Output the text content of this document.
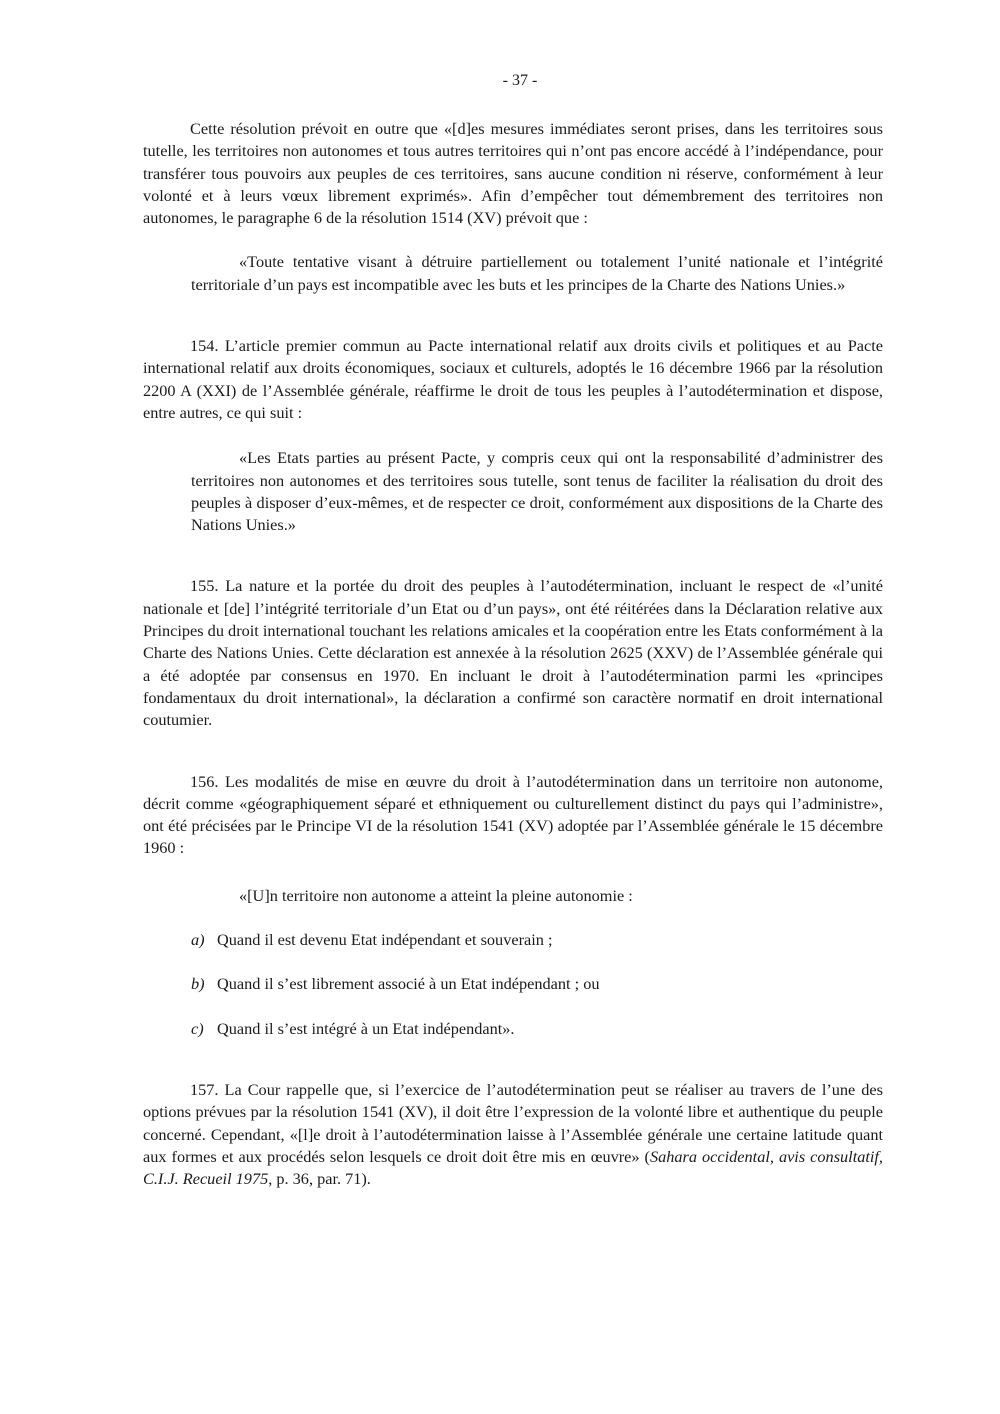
- 37 -

Cette résolution prévoit en outre que «[d]es mesures immédiates seront prises, dans les territoires sous tutelle, les territoires non autonomes et tous autres territoires qui n’ont pas encore accédé à l’indépendance, pour transférer tous pouvoirs aux peuples de ces territoires, sans aucune condition ni réserve, conformément à leur volonté et à leurs vœux librement exprimés». Afin d’empêcher tout démembrement des territoires non autonomes, le paragraphe 6 de la résolution 1514 (XV) prévoit que :

«Toute tentative visant à détruire partiellement ou totalement l’unité nationale et l’intégrité territoriale d’un pays est incompatible avec les buts et les principes de la Charte des Nations Unies.»

154. L’article premier commun au Pacte international relatif aux droits civils et politiques et au Pacte international relatif aux droits économiques, sociaux et culturels, adoptés le 16 décembre 1966 par la résolution 2200 A (XXI) de l’Assemblée générale, réaffirme le droit de tous les peuples à l’autodétermination et dispose, entre autres, ce qui suit :

«Les Etats parties au présent Pacte, y compris ceux qui ont la responsabilité d’administrer des territoires non autonomes et des territoires sous tutelle, sont tenus de faciliter la réalisation du droit des peuples à disposer d’eux-mêmes, et de respecter ce droit, conformément aux dispositions de la Charte des Nations Unies.»

155. La nature et la portée du droit des peuples à l’autodétermination, incluant le respect de «l’unité nationale et [de] l’intégrité territoriale d’un Etat ou d’un pays», ont été réitérées dans la Déclaration relative aux Principes du droit international touchant les relations amicales et la coopération entre les Etats conformément à la Charte des Nations Unies. Cette déclaration est annexée à la résolution 2625 (XXV) de l’Assemblée générale qui a été adoptée par consensus en 1970. En incluant le droit à l’autodétermination parmi les «principes fondamentaux du droit international», la déclaration a confirmé son caractère normatif en droit international coutumier.

156. Les modalités de mise en œuvre du droit à l’autodétermination dans un territoire non autonome, décrit comme «géographiquement séparé et ethniquement ou culturellement distinct du pays qui l’administre», ont été précisées par le Principe VI de la résolution 1541 (XV) adoptée par l’Assemblée générale le 15 décembre 1960 :

«[U]n territoire non autonome a atteint la pleine autonomie :

a) Quand il est devenu Etat indépendant et souverain ;
b) Quand il s’est librement associé à un Etat indépendant ; ou
c) Quand il s’est intégré à un Etat indépendant».

157. La Cour rappelle que, si l’exercice de l’autodétermination peut se réaliser au travers de l’une des options prévues par la résolution 1541 (XV), il doit être l’expression de la volonté libre et authentique du peuple concerné. Cependant, «[l]e droit à l’autodétermination laisse à l’Assemblée générale une certaine latitude quant aux formes et aux procédés selon lesquels ce droit doit être mis en œuvre» (Sahara occidental, avis consultatif, C.I.J. Recueil 1975, p. 36, par. 71).
